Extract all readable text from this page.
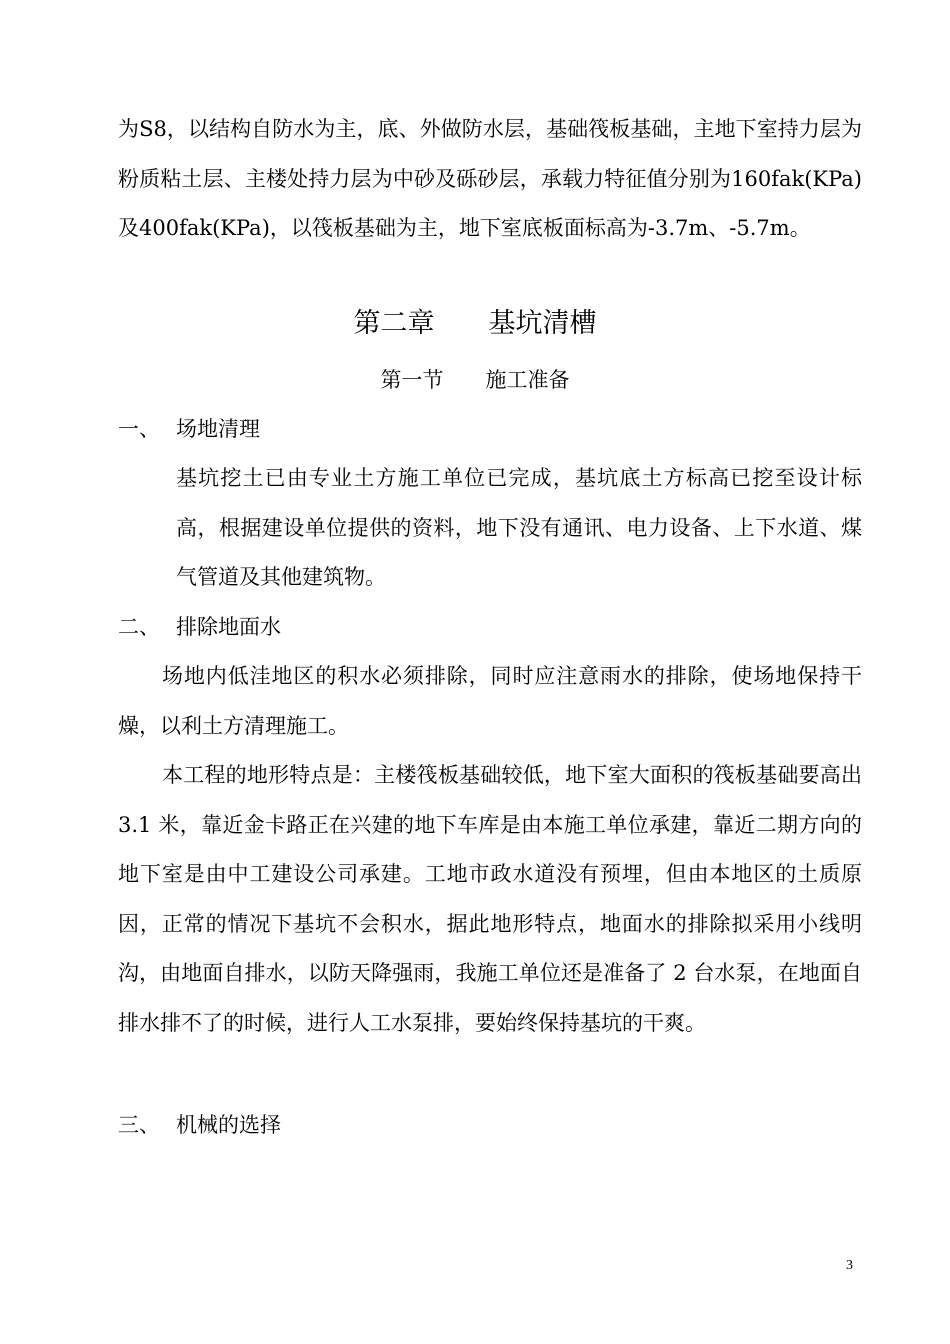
为S8，以结构自防水为主，底、外做防水层，基础筏板基础，主地下室持力层为粉质粘土层、主楼处持力层为中砂及砾砂层，承载力特征值分别为160fak(KPa)及400fak(KPa)，以筏板基础为主，地下室底板面标高为-3.7m、-5.7m。

第二章　　基坑清槽

第一节　　施工准备

一、 场地清理

基坑挖土已由专业土方施工单位已完成，基坑底土方标高已挖至设计标高，根据建设单位提供的资料，地下没有通讯、电力设备、上下水道、煤气管道及其他建筑物。

二、 排除地面水

场地内低洼地区的积水必须排除，同时应注意雨水的排除，使场地保持干燥，以利土方清理施工。

本工程的地形特点是：主楼筏板基础较低，地下室大面积的筏板基础要高出 3.1 米，靠近金卡路正在兴建的地下车库是由本施工单位承建，靠近二期方向的地下室是由中工建设公司承建。工地市政水道没有预埋，但由本地区的土质原因，正常的情况下基坑不会积水，据此地形特点，地面水的排除拟采用小线明沟，由地面自排水，以防天降强雨，我施工单位还是准备了 2 台水泵，在地面自排水排不了的时候，进行人工水泵排，要始终保持基坑的干爽。

三、 机械的选择
3
